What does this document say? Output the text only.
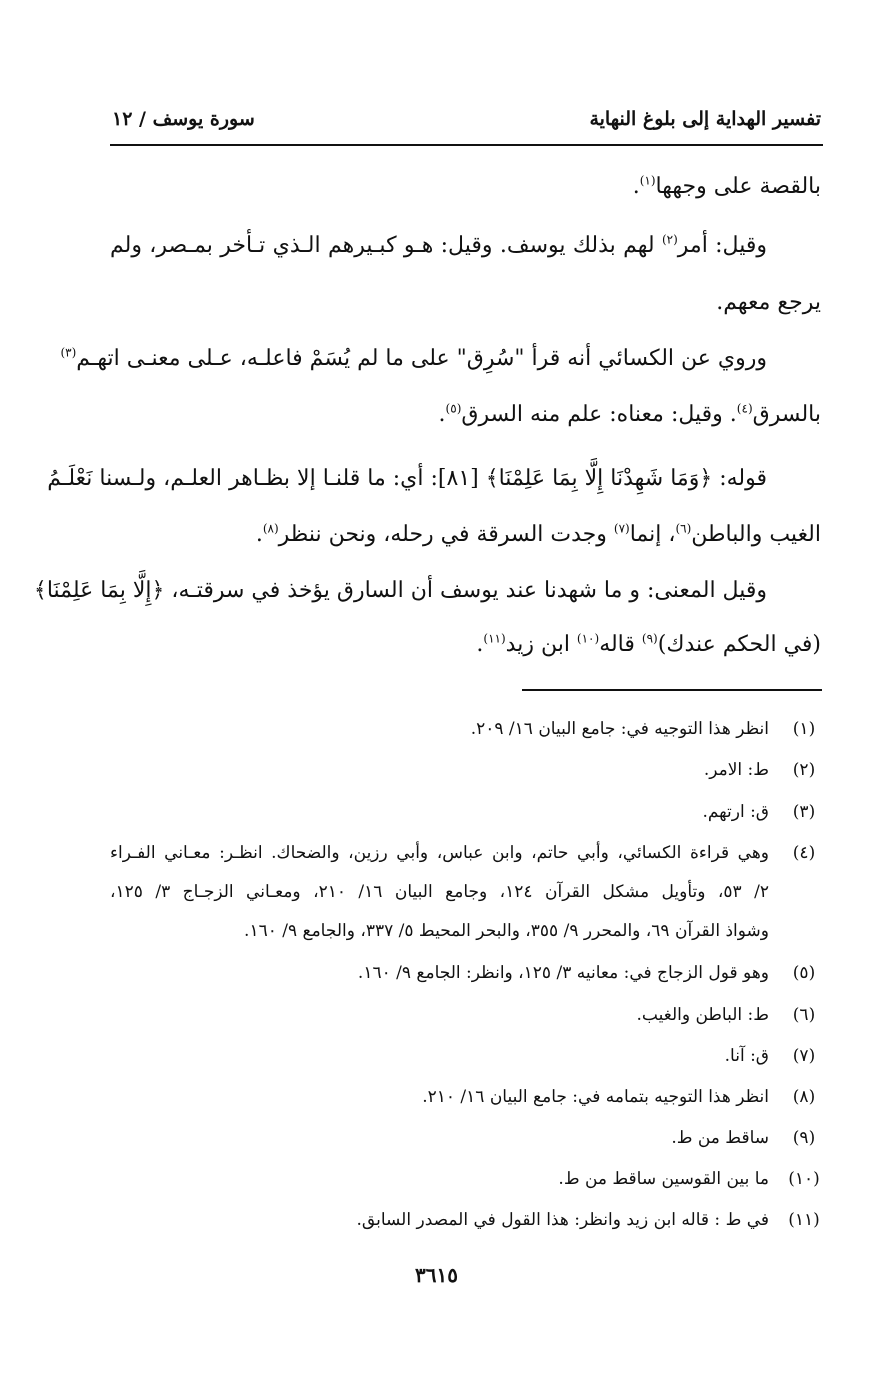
تفسير الهداية إلى بلوغ النهاية
سورة يوسف / ١٢
بالقصة على وجهها$^{(١)}$.
وقيل: أمر$^{(٢)}$ لهم بذلك يوسف. وقيل: هـو كبـيرهم الـذي تـأخر بمـصر، ولم
يرجع معهم.
وروي عن الكسائي أنه قرأ "سُرِق" على ما لم يُسَمْ فاعلـه، عـلى معنـى اتهـم$^{(٣)}$
بالسرق$^{(٤)}$. وقيل: معناه: علم منه السرق$^{(٥)}$.
قوله: ﴿وَمَا شَهِدْنَا إِلَّا بِمَا عَلِمْنَا﴾ [٨١]: أي: ما قلنـا إلا بظـاهر العلـم، ولـسنا نَعْلَـمُ
الغيب والباطن$^{(٦)}$، إنما$^{(٧)}$ وجدت السرقة في رحله، ونحن ننظر$^{(٨)}$.
وقيل المعنى: و ما شهدنا عند يوسف أن السارق يؤخذ في سرقتـه، ﴿إِلَّا بِمَا عَلِمْنَا﴾
(في الحكم عندك)$^{(٩)}$ قاله$^{(١٠)}$ ابن زيد$^{(١١)}$.
(١)
انظر هذا التوجيه في: جامع البيان ١٦/ ٢٠٩.
(٢)
ط: الامر.
(٣)
ق: ارتهم.
(٤)
وهي قراءة الكسائي، وأبي حاتم، وابن عباس، وأبي رزين، والضحاك. انظـر: معـاني الفـراء
٢/ ٥٣، وتأويل مشكل القرآن ١٢٤، وجامع البيان ١٦/ ٢١٠، ومعـاني الزجـاج ٣/ ١٢٥،
وشواذ القرآن ٦٩، والمحرر ٩/ ٣٥٥، والبحر المحيط ٥/ ٣٣٧، والجامع ٩/ ١٦٠.
(٥)
وهو قول الزجاج في: معانيه ٣/ ١٢٥، وانظر: الجامع ٩/ ١٦٠.
(٦)
ط: الباطن والغيب.
(٧)
ق: آنا.
(٨)
انظر هذا التوجيه بتمامه في: جامع البيان ١٦/ ٢١٠.
(٩)
ساقط من ط.
(١٠)
ما بين القوسين ساقط من ط.
(١١)
في ط : قاله ابن زيد وانظر: هذا القول في المصدر السابق.
٣٦١٥
